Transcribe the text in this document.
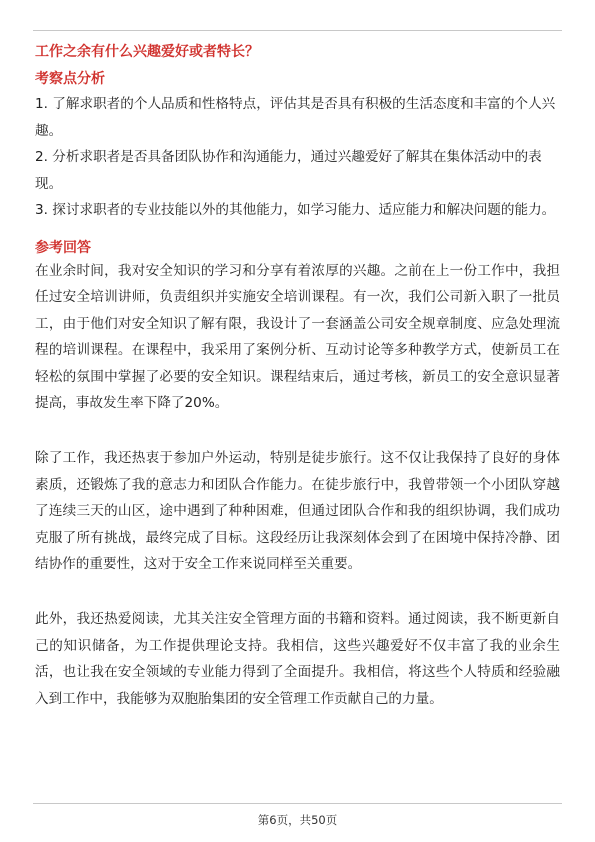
工作之余有什么兴趣爱好或者特长？
考察点分析
1. 了解求职者的个人品质和性格特点，评估其是否具有积极的生活态度和丰富的个人兴趣。
2. 分析求职者是否具备团队协作和沟通能力，通过兴趣爱好了解其在集体活动中的表现。
3. 探讨求职者的专业技能以外的其他能力，如学习能力、适应能力和解决问题的能力。
参考回答

在业余时间，我对安全知识的学习和分享有着浓厚的兴趣。之前在上一份工作中，我担任过安全培训讲师，负责组织并实施安全培训课程。有一次，我们公司新入职了一批员工，由于他们对安全知识了解有限，我设计了一套涵盖公司安全规章制度、应急处理流程的培训课程。在课程中，我采用了案例分析、互动讨论等多种教学方式，使新员工在轻松的氛围中掌握了必要的安全知识。课程结束后，通过考核，新员工的安全意识显著提高，事故发生率下降了20%。

除了工作，我还热衷于参加户外运动，特别是徒步旅行。这不仅让我保持了良好的身体素质，还锻炼了我的意志力和团队合作能力。在徒步旅行中，我曾带领一个小团队穿越了连续三天的山区，途中遇到了种种困难，但通过团队合作和我的组织协调，我们成功克服了所有挑战，最终完成了目标。这段经历让我深刻体会到了在困境中保持冷静、团结协作的重要性，这对于安全工作来说同样至关重要。

此外，我还热爱阅读，尤其关注安全管理方面的书籍和资料。通过阅读，我不断更新自己的知识储备，为工作提供理论支持。我相信，这些兴趣爱好不仅丰富了我的业余生活，也让我在安全领域的专业能力得到了全面提升。我相信，将这些个人特质和经验融入到工作中，我能够为双胞胎集团的安全管理工作贡献自己的力量。

第6页，共50页
